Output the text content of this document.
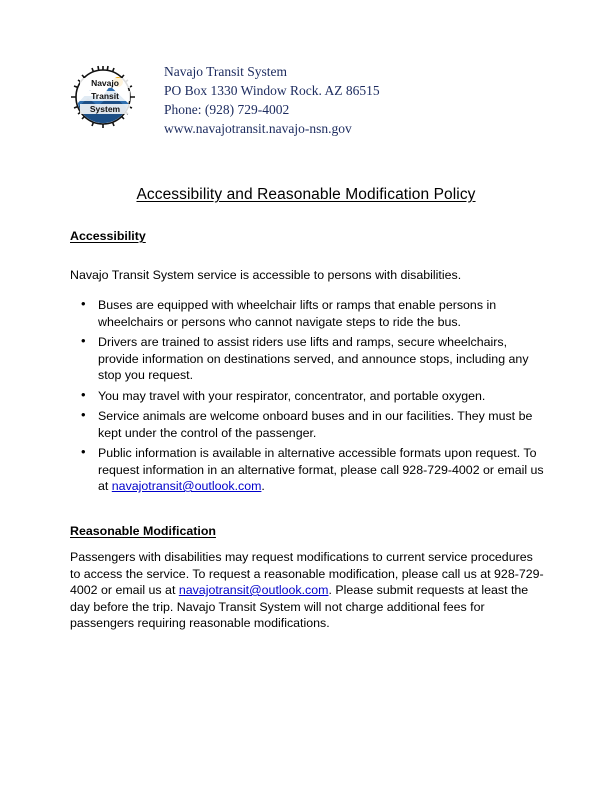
Navajo
Transit
System
Navajo Transit System
PO Box 1330 Window Rock. AZ 86515
Phone: (928) 729-4002
www.navajotransit.navajo-nsn.gov
Accessibility and Reasonable Modification Policy
Accessibility

Navajo Transit System service is accessible to persons with disabilities.

• Buses are equipped with wheelchair lifts or ramps that enable persons in wheelchairs or persons who cannot navigate steps to ride the bus.
• Drivers are trained to assist riders use lifts and ramps, secure wheelchairs, provide information on destinations served, and announce stops, including any stop you request.
• You may travel with your respirator, concentrator, and portable oxygen.
• Service animals are welcome onboard buses and in our facilities. They must be kept under the control of the passenger.
• Public information is available in alternative accessible formats upon request. To request information in an alternative format, please call 928-729-4002 or email us at navajotransit@outlook.com.
Reasonable Modification

Passengers with disabilities may request modifications to current service procedures to access the service. To request a reasonable modification, please call us at 928-729-4002 or email us at navajotransit@outlook.com. Please submit requests at least the day before the trip. Navajo Transit System will not charge additional fees for passengers requiring reasonable modifications.
